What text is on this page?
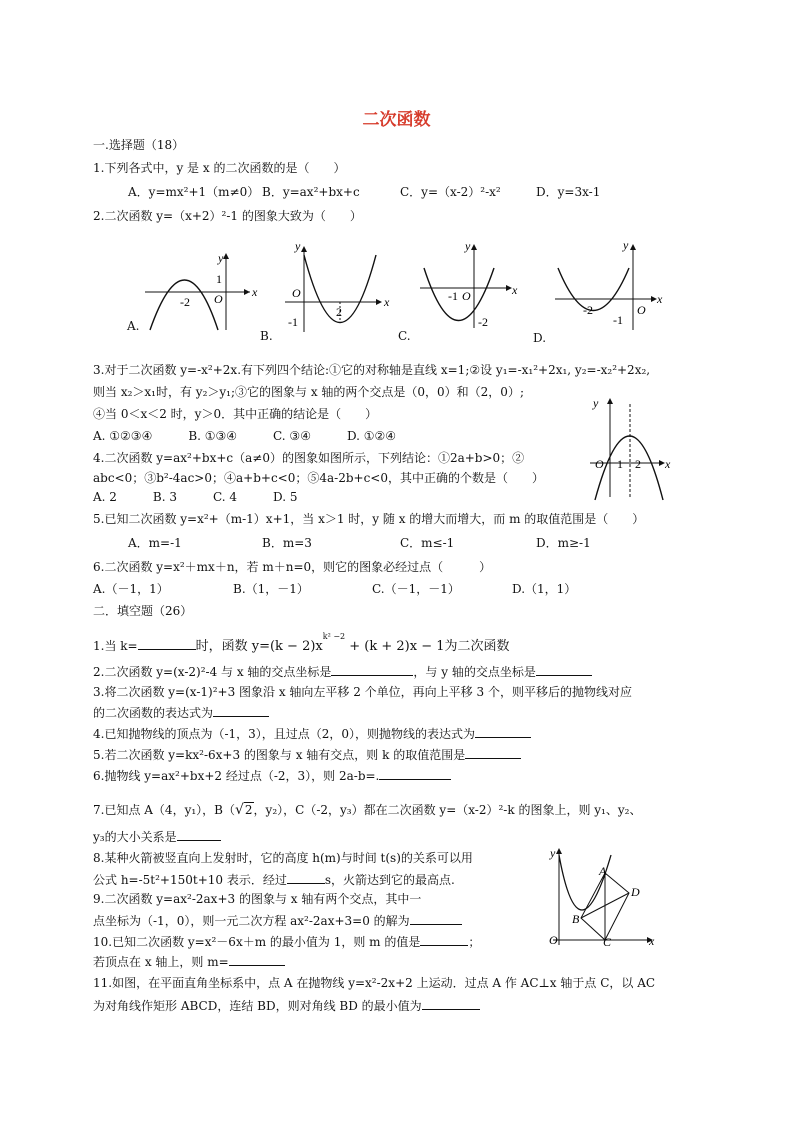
二次函数
一.选择题（18）
1.下列各式中，y 是 x 的二次函数的是（　　）
A．y=mx²+1（m≠0） B．y=ax²+bx+c	C．y=（x-2）²-x²	D．y=3x-1
2.二次函数 y=（x+2）²-1 的图象大致为（　　）
x
y
O
1
-2
A.
x
y
O
-1
2
B.
x
y
O
-1
-2
C.
x
y
O
-2
-1
D.
3.对于二次函数 y=-x²+2x.有下列四个结论:①它的对称轴是直线 x=1;②设 y₁=-x₁²+2x₁, y₂=-x₂²+2x₂,
则当 x₂＞x₁时，有 y₂＞y₁;③它的图象与 x 轴的两个交点是（0，0）和（2，0）;
④当 0＜x＜2 时，y＞0．其中正确的结论是（　　）
A. ①②③④　　　B. ①③④　　　C. ③④　　　D. ①②④
x
y
O 1 2
4.二次函数 y=ax²+bx+c（a≠0）的图象如图所示，下列结论：①2a+b>0；②
abc<0；③b²-4ac>0；④a+b+c<0；⑤4a-2b+c<0，其中正确的个数是（　　）
A. 2　　　B. 3　　　C. 4　　　D. 5
5.已知二次函数 y=x²+（m-1）x+1，当 x＞1 时，y 随 x 的增大而增大，而 m 的取值范围是（　　）
A．m=-1	B．m=3	C．m≤-1	D．m≥-1
6.二次函数 y=x²＋mx＋n，若 m＋n=0，则它的图象必经过点（　　　）
A.（－1，1）	B.（1，－1）	C.（－1，－1）	D.（1，1）
二．填空题（26）
1.当 k=	时，函数 $y=(k - 2)x^{k^2 -2} + (k + 2)x - 1$为二次函数
2.二次函数 y=(x-2)²-4 与 x 轴的交点坐标是	，与 y 轴的交点坐标是
3.将二次函数 y=(x-1)²+3 图象沿 x 轴向左平移 2 个单位，再向上平移 3 个，则平移后的抛物线对应
的二次函数的表达式为
4.已知抛物线的顶点为（-1，3），且过点（2，0），则抛物线的表达式为
5.若二次函数 y=kx²-6x+3 的图象与 x 轴有交点，则 k 的取值范围是
6.抛物线 y=ax²+bx+2 经过点（-2，3），则 2a-b=.
7.已知点 A（4，y₁），B（√2，y₂），C（-2，y₃）都在二次函数 y=（x-2）²-k 的图象上，则 y₁、y₂、
y₃的大小关系是
8.某种火箭被竖直向上发射时，它的高度 h(m)与时间 t(s)的关系可以用
公式 h=-5t²+150t+10 表示．经过	s，火箭达到它的最高点.
9.二次函数 y=ax²-2ax+3 的图象与 x 轴有两个交点，其中一
点坐标为（-1，0），则一元二次方程 ax²-2ax+3=0 的解为
10.已知二次函数 y=x²－6x＋m 的最小值为 1，则 m 的值是	；
若顶点在 x 轴上，则 m=
11.如图，在平面直角坐标系中，点 A 在抛物线 y=x²-2x+2 上运动．过点 A 作 AC⊥x 轴于点 C，以 AC
为对角线作矩形 ABCD，连结 BD，则对角线 BD 的最小值为
x
y
O
A
B
C
D
